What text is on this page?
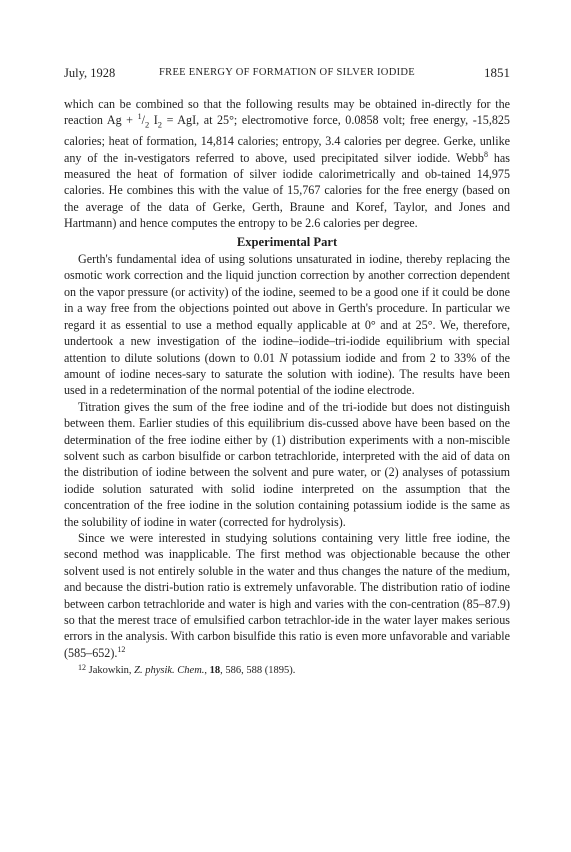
July, 1928	FREE ENERGY OF FORMATION OF SILVER IODIDE	1851

which can be combined so that the following results may be obtained in-directly for the reaction $Ag + ^1/_2$ $I_2$ = AgI, at 25°; electromotive force, 0.0858 volt; free energy, -15,825 calories; heat of formation, 14,814 calories; entropy, 3.4 calories per degree. Gerke, unlike any of the in-vestigators referred to above, used precipitated silver iodide. Webb$^8$ has measured the heat of formation of silver iodide calorimetrically and ob-tained 14,975 calories. He combines this with the value of 15,767 calories for the free energy (based on the average of the data of Gerke, Gerth, Braune and Koref, Taylor, and Jones and Hartmann) and hence computes the entropy to be 2.6 calories per degree.

Experimental Part

Gerth's fundamental idea of using solutions unsaturated in iodine, thereby replacing the osmotic work correction and the liquid junction correction by another correction dependent on the vapor pressure (or activity) of the iodine, seemed to be a good one if it could be done in a way free from the objections pointed out above in Gerth's procedure. In particular we regard it as essential to use a method equally applicable at 0° and at 25°. We, therefore, undertook a new investigation of the iodine–iodide–tri-iodide equilibrium with special attention to dilute solutions (down to 0.01 N potassium iodide and from 2 to 33% of the amount of iodine neces-sary to saturate the solution with iodine). The results have been used in a redetermination of the normal potential of the iodine electrode.

Titration gives the sum of the free iodine and of the tri-iodide but does not distinguish between them. Earlier studies of this equilibrium dis-cussed above have been based on the determination of the free iodine either by (1) distribution experiments with a non-miscible solvent such as carbon bisulfide or carbon tetrachloride, interpreted with the aid of data on the distribution of iodine between the solvent and pure water, or (2) analyses of potassium iodide solution saturated with solid iodine interpreted on the assumption that the concentration of the free iodine in the solution containing potassium iodide is the same as the solubility of iodine in water (corrected for hydrolysis).

Since we were interested in studying solutions containing very little free iodine, the second method was inapplicable. The first method was objectionable because the other solvent used is not entirely soluble in the water and thus changes the nature of the medium, and because the distri-bution ratio is extremely unfavorable. The distribution ratio of iodine between carbon tetrachloride and water is high and varies with the con-centration (85–87.9) so that the merest trace of emulsified carbon tetrachlor-ide in the water layer makes serious errors in the analysis. With carbon bisulfide this ratio is even more unfavorable and variable (585–652).$^{12}$

$^{12}$ Jakowkin, Z. physik. Chem., 18, 586, 588 (1895).
